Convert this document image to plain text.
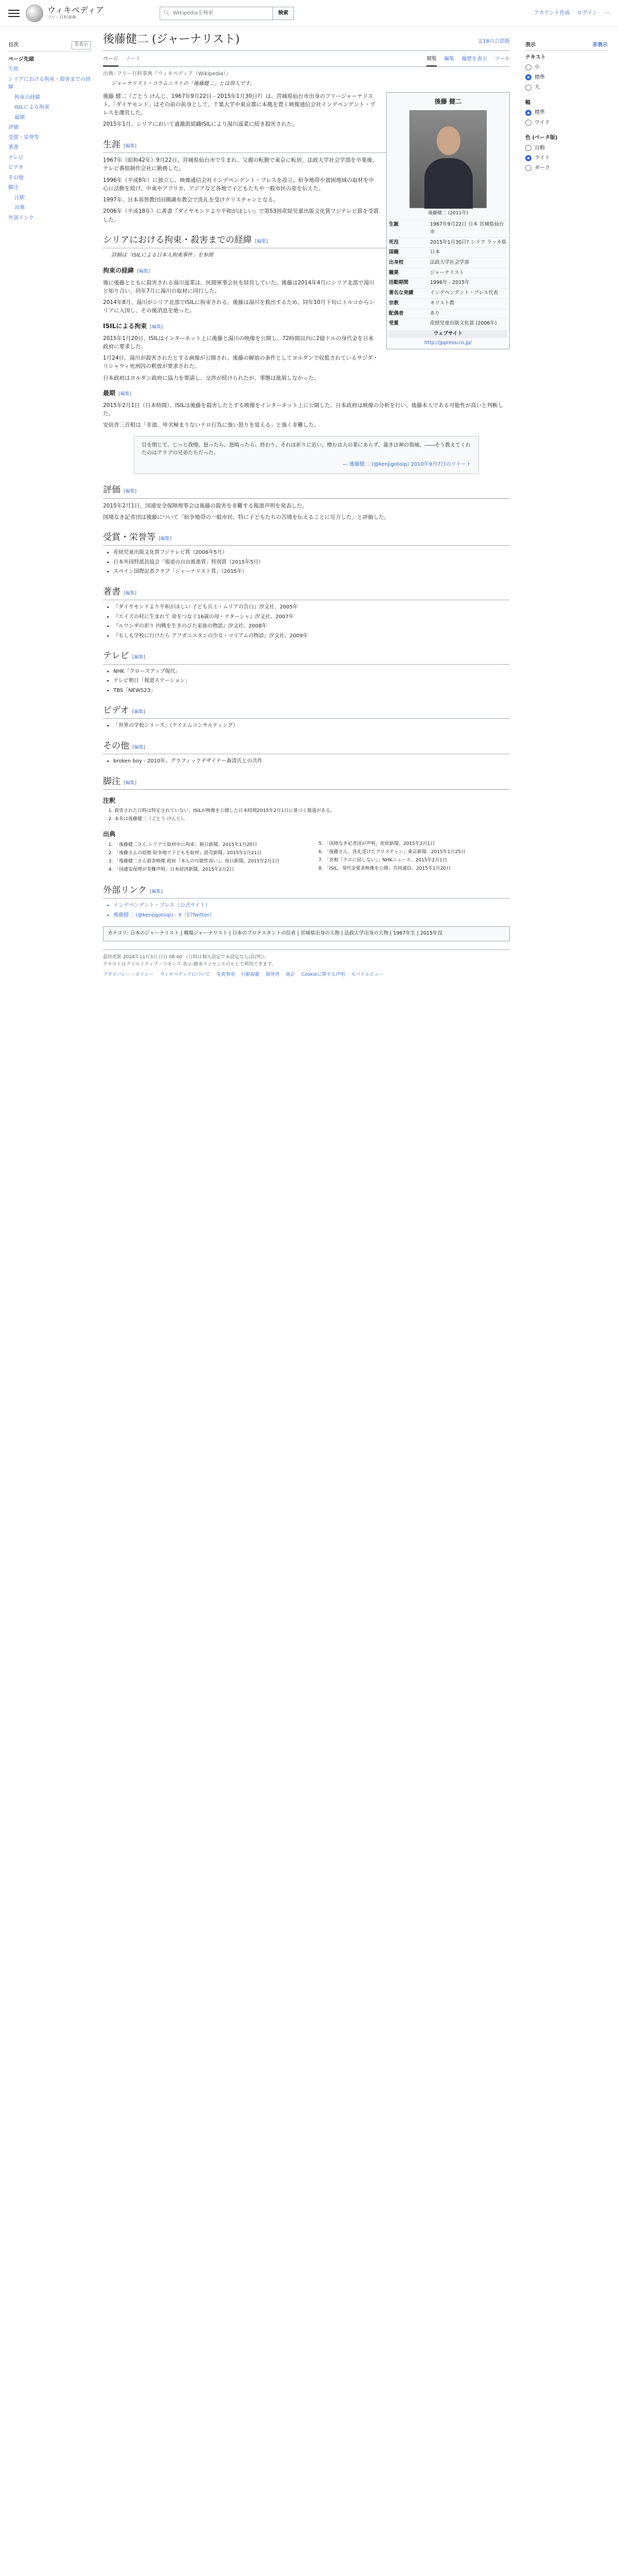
ウィキペディア
フリー百科事典
🔍︎ Wikipediaを検索	検索	アカウント作成 ログイン ⋯
目次	非表示
ページ先頭
生涯
シリアにおける拘束・殺害までの経緯
拘束の経緯
ISILによる拘束
最期
評価
受賞・栄誉等
著書
テレビ
ビデオ
その他
脚注
注釈
出典
外部リンク
後藤健二 (ジャーナリスト)	文18の言語版
ページ ノート	閲覧 編集 履歴を表示 ツール
出典: フリー百科事典『ウィキペディア（Wikipedia）』
ジャーナリスト・コラムニストの「後藤健二」とは別人です。
後藤 健二
後藤健二 (2011年)
生誕	1967年9月22日 日本 宮城県仙台市
死没	2015年1月30日? シリア ラッカ県
国籍	日本
出身校	法政大学社会学部
職業	ジャーナリスト
活動期間	1996年 - 2015年
著名な実績	インデペンデント・プレス代表
宗教	キリスト教
配偶者	あり
受賞	産経児童出版文化賞 (2006年)
ウェブサイト
http://jppress.co.jp/

後藤 健二（ごとう けんじ、1967年9月22日 - 2015年1月30日?）は、宮城県仙台市出身のフリージャーナリスト。「ダイヤモンド」はその前の前身として、千葉大学や東京都に本拠を置く映像通信会社インデペンデント・プレスを運営した。

2015年1月、シリアにおいて過激派組織ISILにより湯川遥菜に続き殺害された。

生涯 [編集]

1967年（昭和42年）9月22日、宮城県仙台市で生まれ、父親の転勤で東京に転居。法政大学社会学部を卒業後、テレビ番組制作会社に勤務した。

1996年（平成8年）に独立し、映像通信会社インデペンデント・プレスを設立。紛争地帯や貧困地域の取材を中心に活動を続け、中東やアフリカ、アジアなど各地で子どもたちや一般市民の姿を伝えた。

1997年、日本基督教団田園調布教会で洗礼を受けクリスチャンとなる。

2006年（平成18年）に著書『ダイヤモンドより平和がほしい』で第53回産経児童出版文化賞フジテレビ賞を受賞した。

シリアにおける拘束・殺害までの経緯 [編集]
詳細は「ISILによる日本人拘束事件」を参照
拘束の経緯 [編集]

後に後藤とともに殺害される湯川遥菜は、民間軍事会社を経営していた。後藤は2014年4月にシリア北部で湯川と知り合い、同年7月に湯川の取材に同行した。

2014年8月、湯川がシリア北部でISILに拘束される。後藤は湯川を救出するため、同年10月下旬にトルコからシリアに入国し、その後消息を絶った。

ISILによる拘束 [編集]

2015年1月20日、ISILはインターネット上に後藤と湯川の映像を公開し、72時間以内に2億ドルの身代金を日本政府に要求した。

1月24日、湯川が殺害されたとする画像が公開され、後藤の解放の条件としてヨルダンで収監されているサジダ・リシャウィ死刑囚の釈放が要求された。

日本政府はヨルダン政府に協力を要請し、交渉が続けられたが、事態は進展しなかった。

最期 [編集]

2015年2月1日（日本時間）、ISILは後藤を殺害したとする映像をインターネット上に公開した。日本政府は映像の分析を行い、後藤本人である可能性が高いと判断した。

安倍晋三首相は「非道、卑劣極まりないテロ行為に強い怒りを覚える」と強く非難した。

目を閉じて、じっと我慢。怒ったら、怒鳴ったら、終わり。それは祈りに近い。憎むは人の業にあらず、裁きは神の領域。――そう教えてくれたのはアラブの兄弟たちだった。
— 後藤健二 (@kenjigotoip) 2010年9月7日のツイート
評価 [編集]

2015年2月1日、国連安全保障理事会は後藤の殺害を非難する報道声明を発表した。

国境なき記者団は後藤について「紛争地帯の一般市民、特に子どもたちの苦境を伝えることに尽力した」と評価した。

受賞・栄誉等 [編集]
• 産経児童出版文化賞フジテレビ賞（2006年5月）
• 日本外国特派員協会「報道の自由推進賞」特別賞（2015年5月）
• スペイン国際記者クラブ「ジャーナリスト賞」（2015年）
著書 [編集]
• 『ダイヤモンドより平和がほしい 子ども兵士・ムリアの告白』汐文社、2005年
• 『エイズの村に生まれて 命をつなぐ16歳の母・ナターシャ』汐文社、2007年
• 『ルワンダの祈り 内戦を生きのびた家族の物語』汐文社、2008年
• 『もしも学校に行けたら アフガニスタンの少女・マリアムの物語』汐文社、2009年
テレビ [編集]
• NHK「クローズアップ現代」
• テレビ朝日「報道ステーション」
• TBS「NEWS23」
ビデオ [編集]
• 「世界の学校シリーズ」（ケイエムコンサルティング）
その他 [編集]
• broken boy - 2010年、グラフィックデザイナー森清氏との共作
脚注 [編集]
注釈
1. 殺害された日時は特定されていない。ISILが映像を公開した日本時間2015年2月1日に基づく報道がある。
2. 本名は後藤健二（ごとう けんじ）。
出典
1. 「後藤健二さん シリアで取材中に拘束」朝日新聞、2015年1月20日
2. 「後藤さんの経歴 紛争地で子どもを取材」読売新聞、2015年1月21日
3. 「後藤健二さん殺害映像 政府『本人の可能性高い』」毎日新聞、2015年2月1日
4. 「国連安保理が非難声明」日本経済新聞、2015年2月2日
5. 「国境なき記者団が声明」産経新聞、2015年2月1日
6. 「後藤さん、洗礼受けたクリスチャン」東京新聞、2015年1月25日
7. 「首相『テロに屈しない』」NHKニュース、2015年2月1日
8. 「ISIL、身代金要求映像を公開」共同通信、2015年1月20日
外部リンク [編集]
• インデペンデント・プレス（公式サイト）
• 後藤健二 (@kenjigotoip) - X（旧Twitter）
カテゴリ: 日本のジャーナリスト | 戦場ジャーナリスト | 日本のプロテスタントの信者 | 宮城県出身の人物 | 法政大学出身の人物 | 1967年生 | 2015年没
最終更新 2024年11月3日 (日) 08:40 （日時は個人設定で未設定ならばUTC）。
テキストはクリエイティブ・コモンズ 表示-継承ライセンスのもとで利用できます。
プライバシー・ポリシー ウィキペディアについて 免責事項 行動規範 開発者 統計 Cookieに関する声明 モバイルビュー
表示	非表示
テキスト
小
標準
大
幅
標準
ワイド
色 (ベータ版)
自動
ライト
ダーク
